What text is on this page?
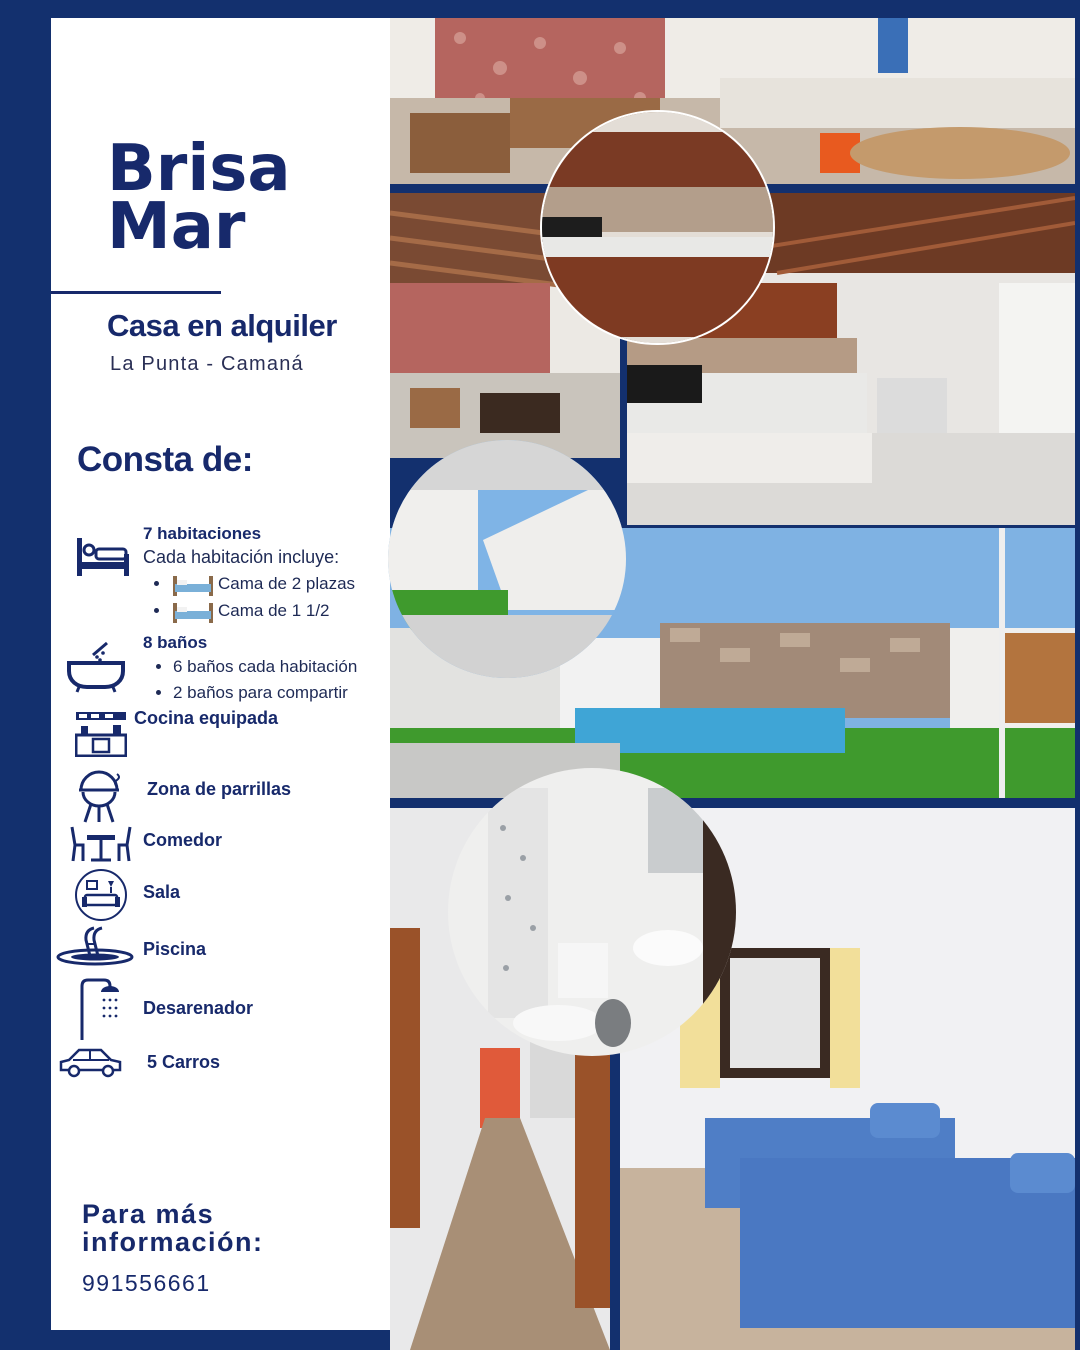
Brisa
Mar
Casa en alquiler
La Punta - Camaná
Consta de:
7 habitaciones
Cada habitación incluye:
• Cama de 2 plazas
• Cama de 1 1/2
8 baños
• 6 baños cada habitación
• 2 baños para compartir
Cocina equipada
Zona de parrillas
Comedor
Sala
Piscina
Desarenador
5 Carros
Para más
información:
991556661
